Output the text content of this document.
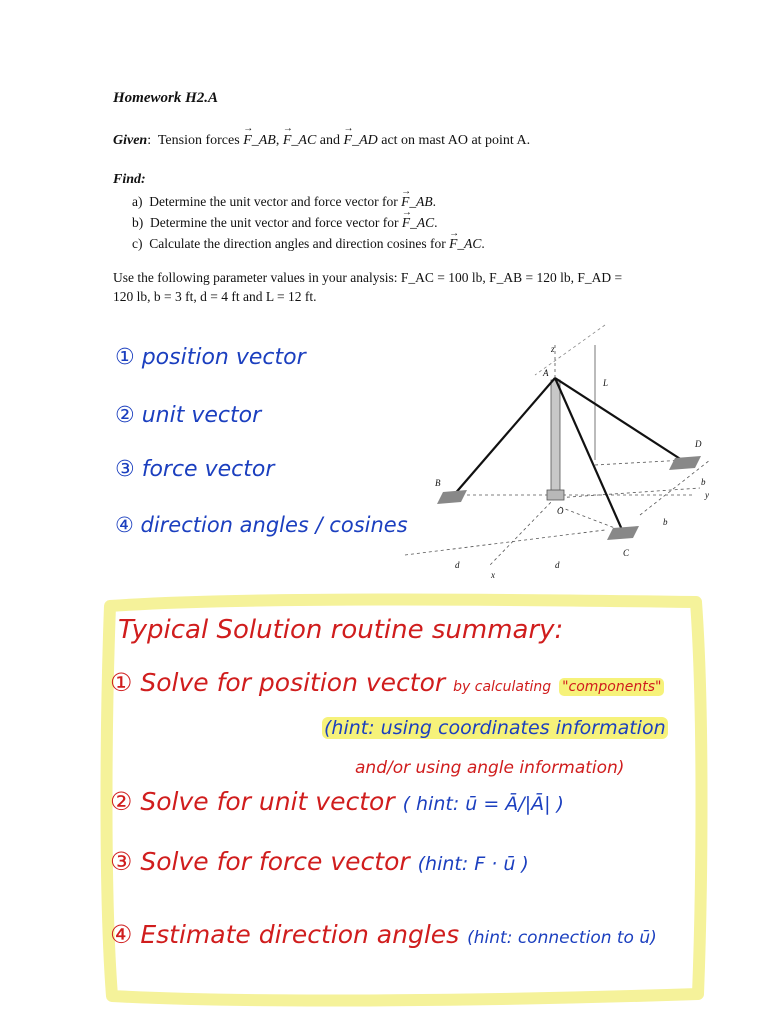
Homework H2.A
Given:  Tension forces → F_AB, → F_AC and → F_AD act on mast AO at point A.
Find:
a) Determine the unit vector and force vector for → F_AB.
b) Determine the unit vector and force vector for → F_AC.
c) Calculate the direction angles and direction cosines for → F_AC.
Use the following parameter values in your analysis: F_AC = 100 lb, F_AB = 120 lb, F_AD =
120 lb, b = 3 ft, d = 4 ft and L = 12 ft.
① position vector
② unit vector
③ force vector
④ direction angles / cosines
z
A
L
D
B
O
b
y
b
C
d	d
x
Typical Solution routine summary:
① Solve for position vector by calculating "components"
(hint: using coordinates information
and/or using angle information)
② Solve for unit vector ( hint: ū = Ā/|Ā| )
③ Solve for force vector (hint: F · ū )
④ Estimate direction angles (hint: connection to ū)
